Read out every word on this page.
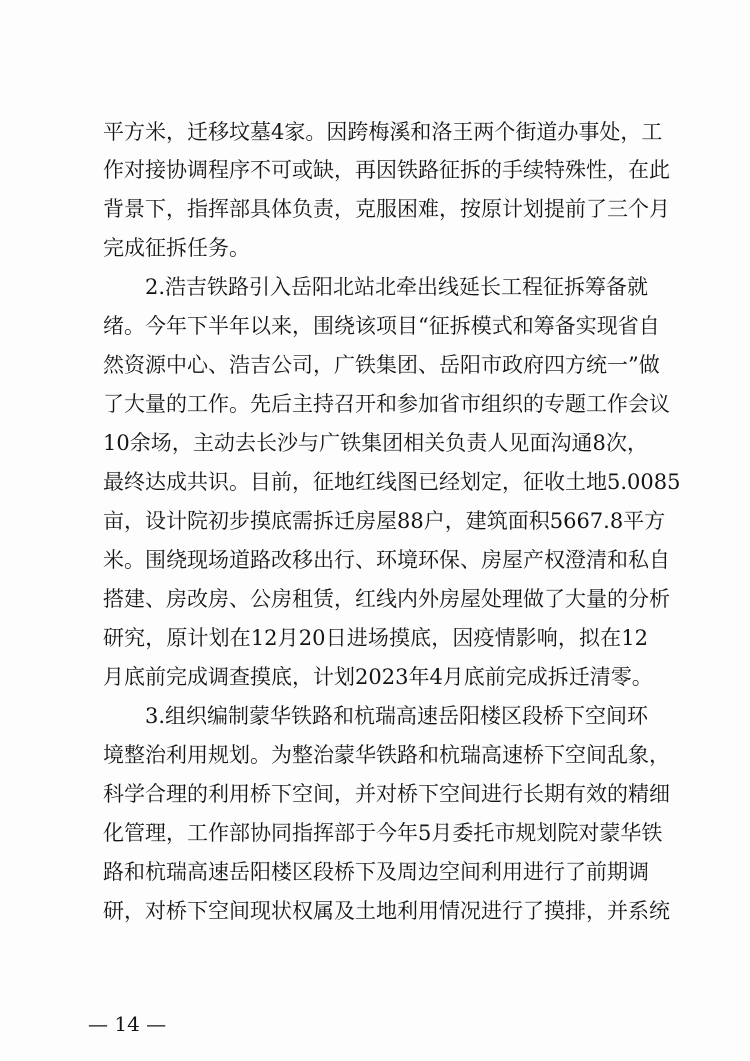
平方米，迁移坟墓4家。因跨梅溪和洛王两个街道办事处，工
作对接协调程序不可或缺，再因铁路征拆的手续特殊性，在此
背景下，指挥部具体负责，克服困难，按原计划提前了三个月
完成征拆任务。
　　2.浩吉铁路引入岳阳北站北牵出线延长工程征拆筹备就
绪。今年下半年以来，围绕该项目“征拆模式和筹备实现省自
然资源中心、浩吉公司，广铁集团、岳阳市政府四方统一”做
了大量的工作。先后主持召开和参加省市组织的专题工作会议
10余场，主动去长沙与广铁集团相关负责人见面沟通8次，
最终达成共识。目前，征地红线图已经划定，征收土地5.0085
亩，设计院初步摸底需拆迁房屋88户，建筑面积5667.8平方
米。围绕现场道路改移出行、环境环保、房屋产权澄清和私自
搭建、房改房、公房租赁，红线内外房屋处理做了大量的分析
研究，原计划在12月20日进场摸底，因疫情影响，拟在12
月底前完成调查摸底，计划2023年4月底前完成拆迁清零。
　　3.组织编制蒙华铁路和杭瑞高速岳阳楼区段桥下空间环
境整治利用规划。为整治蒙华铁路和杭瑞高速桥下空间乱象，
科学合理的利用桥下空间，并对桥下空间进行长期有效的精细
化管理，工作部协同指挥部于今年5月委托市规划院对蒙华铁
路和杭瑞高速岳阳楼区段桥下及周边空间利用进行了前期调
研，对桥下空间现状权属及土地利用情况进行了摸排，并系统
— 14 —
